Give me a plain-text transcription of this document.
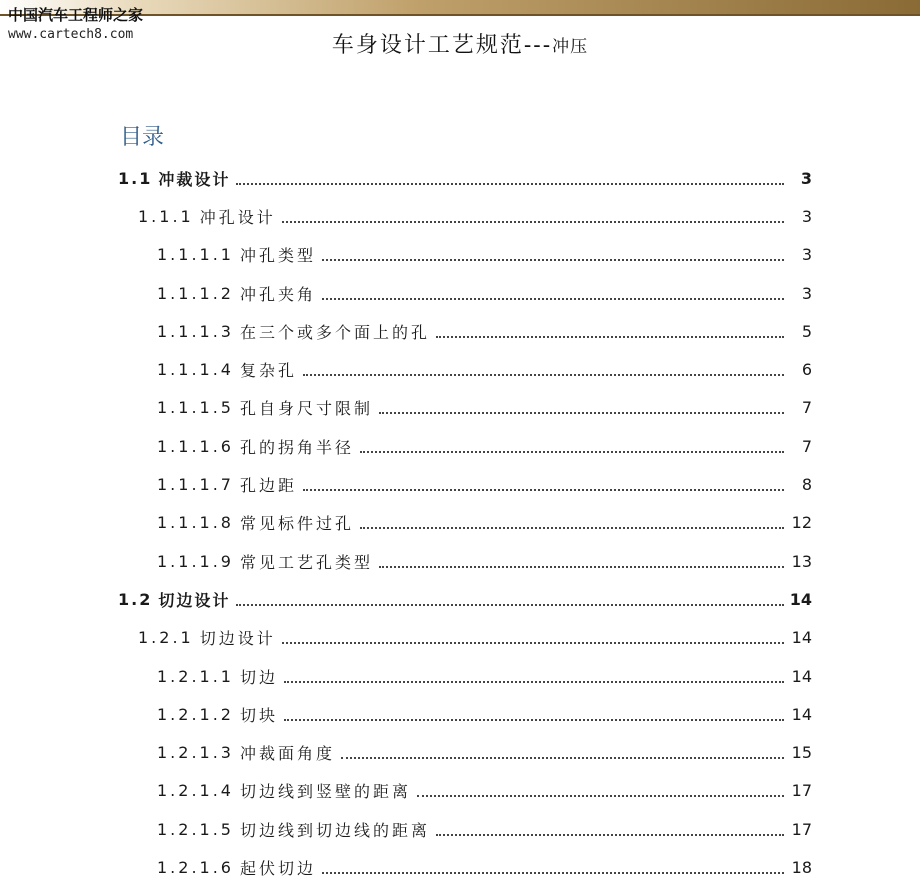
中国汽车工程师之家
www.cartech8.com	车身设计工艺规范---冲压
目录
1.1 冲裁设计	3
1.1.1 冲孔设计	3
1.1.1.1 冲孔类型	3
1.1.1.2 冲孔夹角	3
1.1.1.3 在三个或多个面上的孔	5
1.1.1.4 复杂孔	6
1.1.1.5 孔自身尺寸限制	7
1.1.1.6 孔的拐角半径	7
1.1.1.7 孔边距	8
1.1.1.8 常见标件过孔	12
1.1.1.9 常见工艺孔类型	13
1.2 切边设计	14
1.2.1 切边设计	14
1.2.1.1 切边	14
1.2.1.2 切块	14
1.2.1.3 冲裁面角度	15
1.2.1.4 切边线到竖壁的距离	17
1.2.1.5 切边线到切边线的距离	17
1.2.1.6 起伏切边	18
